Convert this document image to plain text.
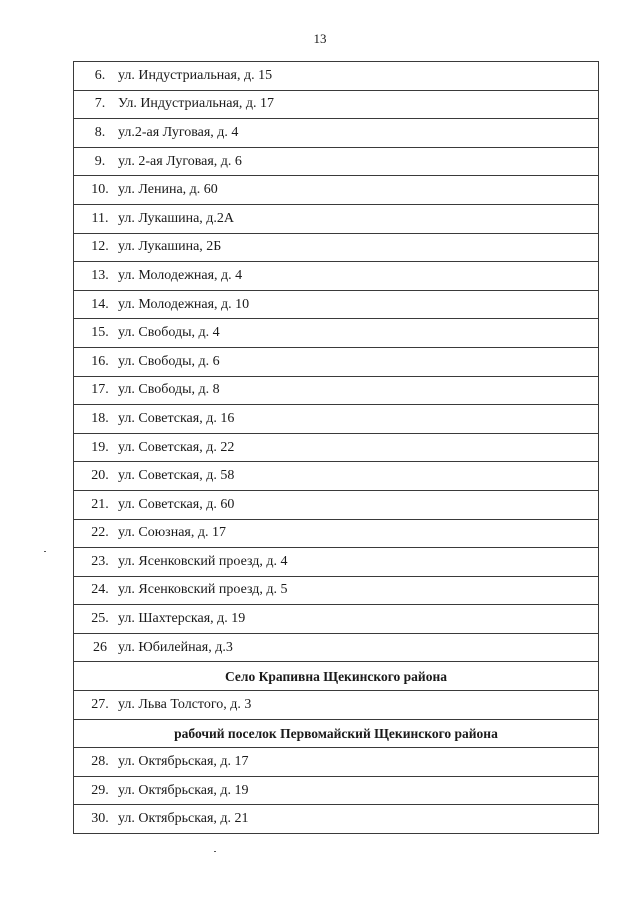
13
6.	ул. Индустриальная, д. 15
7.	Ул. Индустриальная, д. 17
8.	ул.2-ая Луговая, д. 4
9.	ул. 2-ая Луговая, д. 6
10.	ул. Ленина, д. 60
11.	ул. Лукашина, д.2А
12.	ул. Лукашина, 2Б
13.	ул. Молодежная, д. 4
14.	ул. Молодежная, д. 10
15.	ул. Свободы, д. 4
16.	ул. Свободы, д. 6
17.	ул. Свободы, д. 8
18.	ул. Советская, д. 16
19.	ул. Советская, д. 22
20.	ул. Советская, д. 58
21.	ул. Советская, д. 60
22.	ул. Союзная, д. 17
23.	ул. Ясенковский проезд, д. 4
24.	ул. Ясенковский проезд, д. 5
25.	ул. Шахтерская, д. 19
26	ул. Юбилейная, д.3
Село Крапивна Щекинского района	
27.	ул. Льва Толстого, д. 3
рабочий поселок Первомайский Щекинского района	
28.	ул. Октябрьская, д. 17
29.	ул. Октябрьская, д. 19
30.	ул. Октябрьская, д. 21
